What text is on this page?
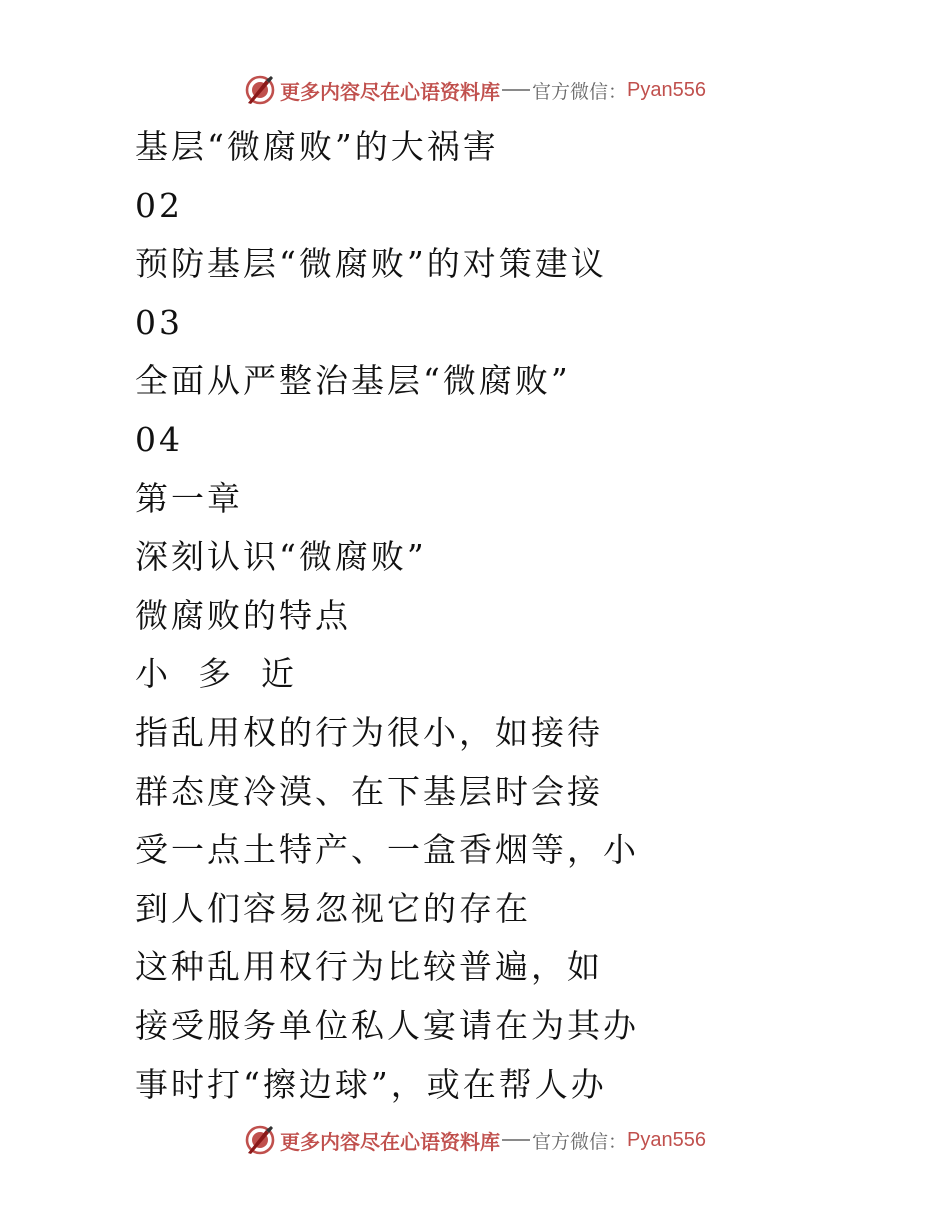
更多内容尽在心语资料库 官方微信： Pyan556
基层“微腐败”的大祸害
02
预防基层“微腐败”的对策建议
03
全面从严整治基层“微腐败”
04
第一章
深刻认识“微腐败”
微腐败的特点
小  多  近
指乱用权的行为很小，如接待
群态度冷漠、在下基层时会接
受一点土特产、一盒香烟等，小
到人们容易忽视它的存在
这种乱用权行为比较普遍，如
接受服务单位私人宴请在为其办
事时打“擦边球”，或在帮人办
更多内容尽在心语资料库 官方微信： Pyan556
